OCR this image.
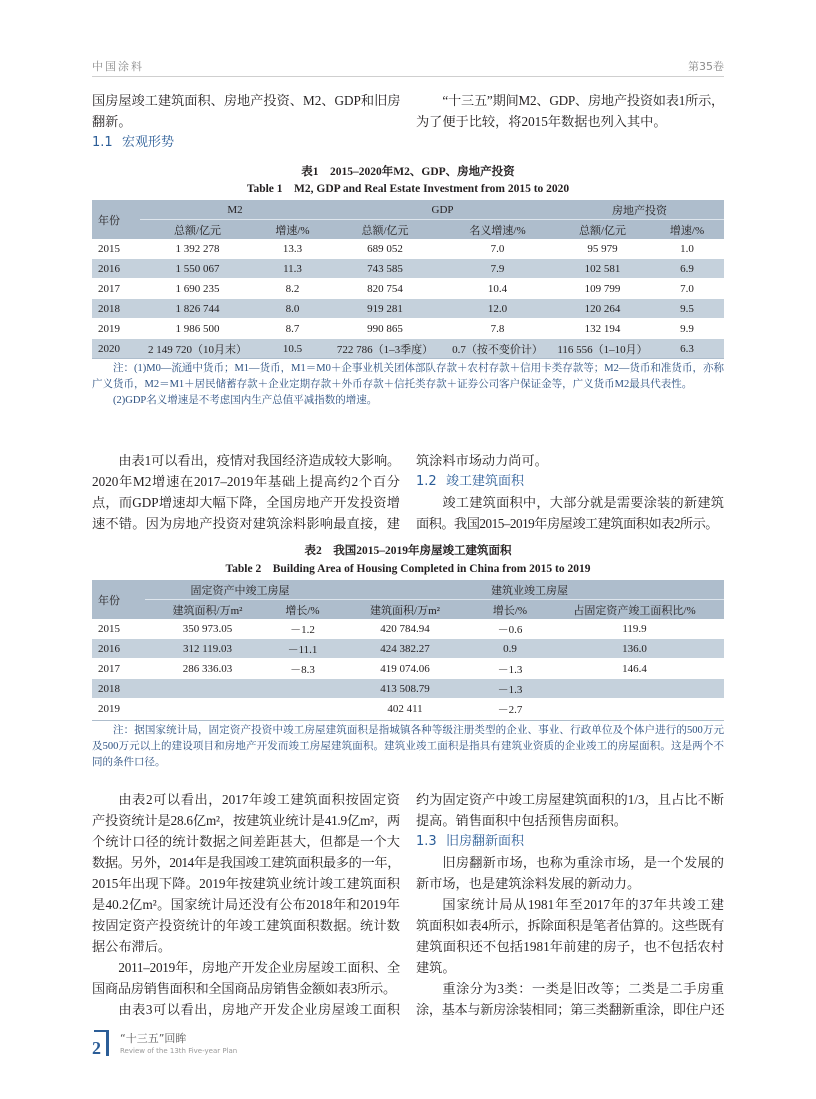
中国涂料	第35卷
国房屋竣工建筑面积、房地产投资、M2、GDP和旧房
翻新。
1.1 宏观形势
“十三五”期间M2、GDP、房地产投资如表1所示，
为了便于比较，将2015年数据也列入其中。
表1　2015–2020年M2、GDP、房地产投资
Table 1　M2, GDP and Real Estate Investment from 2015 to 2020
年份	M2		GDP		房地产投资	
	总额/亿元	增速/%	总额/亿元	名义增速/%	总额/亿元	增速/%
2015	1 392 278	13.3	689 052	7.0	95 979	1.0
2016	1 550 067	11.3	743 585	7.9	102 581	6.9
2017	1 690 235	8.2	820 754	10.4	109 799	7.0
2018	1 826 744	8.0	919 281	12.0	120 264	9.5
2019	1 986 500	8.7	990 865	7.8	132 194	9.9
2020	2 149 720（10月末）	10.5	722 786（1–3季度）	0.7（按不变价计）	116 556（1–10月）	6.3

注：(1)M0—流通中货币；M1—货币，M1＝M0＋企事业机关团体部队存款＋农村存款＋信用卡类存款等；M2—货币和准货币，亦称广义货币，M2＝M1＋居民储蓄存款＋企业定期存款＋外币存款＋信托类存款＋证券公司客户保证金等，广义货币M2最具代表性。

(2)GDP名义增速是不考虑国内生产总值平减指数的增速。

由表1可以看出，疫情对我国经济造成较大影响。
2020年M2增速在2017–2019年基础上提高约2个百分
点，而GDP增速却大幅下降，全国房地产开发投资增
速不错。因为房地产投资对建筑涂料影响最直接，建
筑涂料市场动力尚可。
1.2 竣工建筑面积
竣工建筑面积中，大部分就是需要涂装的新建筑
面积。我国2015–2019年房屋竣工建筑面积如表2所示。
表2　我国2015–2019年房屋竣工建筑面积
Table 2　Building Area of Housing Completed in China from 2015 to 2019
年份	固定资产中竣工房屋		建筑业竣工房屋		
	建筑面积/万m²	增长/%	建筑面积/万m²	增长/%	占固定资产竣工面积比/%
2015	350 973.05	－1.2	420 784.94	－0.6	119.9
2016	312 119.03	－11.1	424 382.27	0.9	136.0
2017	286 336.03	－8.3	419 074.06	－1.3	146.4
2018			413 508.79	－1.3	
2019			402 411	－2.7	

注：据国家统计局，固定资产投资中竣工房屋建筑面积是指城镇各种等级注册类型的企业、事业、行政单位及个体户进行的500万元及500万元以上的建设项目和房地产开发而竣工房屋建筑面积。建筑业竣工面积是指具有建筑业资质的企业竣工的房屋面积。这是两个不同的条件口径。

由表2可以看出，2017年竣工建筑面积按固定资
产投资统计是28.6亿m²，按建筑业统计是41.9亿m²，两
个统计口径的统计数据之间差距甚大，但都是一个大
数据。另外，2014年是我国竣工建筑面积最多的一年，
2015年出现下降。2019年按建筑业统计竣工建筑面积
是40.2亿m²。国家统计局还没有公布2018年和2019年
按固定资产投资统计的年竣工建筑面积数据。统计数
据公布滞后。
2011–2019年，房地产开发企业房屋竣工面积、全
国商品房销售面积和全国商品房销售金额如表3所示。
由表3可以看出，房地产开发企业房屋竣工面积
约为固定资产中竣工房屋建筑面积的1/3，且占比不断
提高。销售面积中包括预售房面积。
1.3 旧房翻新面积
旧房翻新市场，也称为重涂市场，是一个发展的
新市场，也是建筑涂料发展的新动力。
国家统计局从1981年至2017年的37年共竣工建
筑面积如表4所示，拆除面积是笔者估算的。这些既有
建筑面积还不包括1981年前建的房子，也不包括农村
建筑。
重涂分为3类：一类是旧改等；二类是二手房重
涂，基本与新房涂装相同；第三类翻新重涂，即住户还
2 “十三五”回眸
Review of the 13th Five-year Plan
